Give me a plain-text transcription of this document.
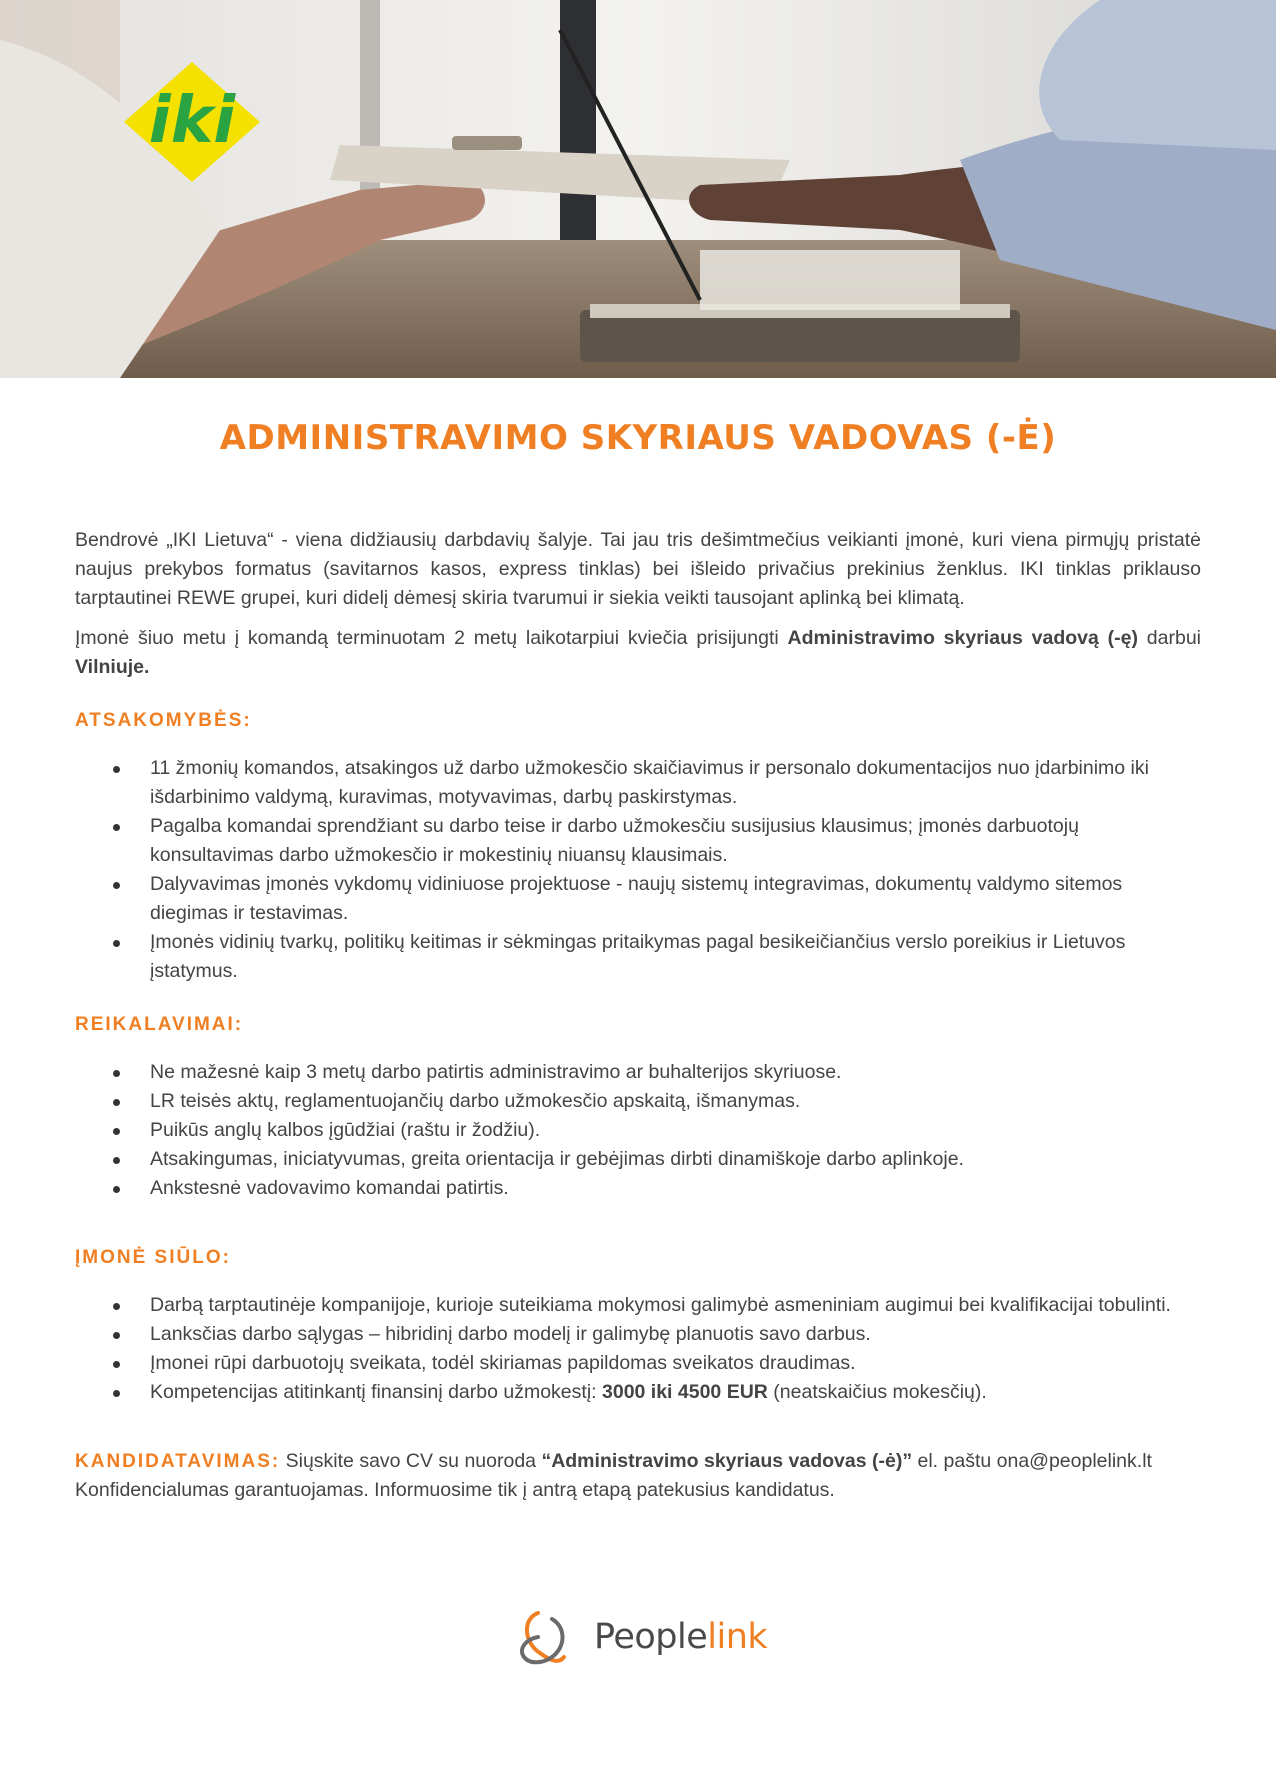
iki
ADMINISTRAVIMO SKYRIAUS VADOVAS (-Ė)

Bendrovė „IKI Lietuva“ - viena didžiausių darbdavių šalyje. Tai jau tris dešimtmečius veikianti įmonė, kuri viena pirmųjų pristatė naujus prekybos formatus (savitarnos kasos, express tinklas) bei išleido privačius prekinius ženklus. IKI tinklas priklauso tarptautinei REWE grupei, kuri didelį dėmesį skiria tvarumui ir siekia veikti tausojant aplinką bei klimatą.

Įmonė šiuo metu į komandą terminuotam 2 metų laikotarpiui kviečia prisijungti Administravimo skyriaus vadovą (-ę) darbui Vilniuje.

ATSAKOMYBĖS:
11 žmonių komandos, atsakingos už darbo užmokesčio skaičiavimus ir personalo dokumentacijos nuo įdarbinimo iki išdarbinimo valdymą, kuravimas, motyvavimas, darbų paskirstymas.
Pagalba komandai sprendžiant su darbo teise ir darbo užmokesčiu susijusius klausimus; įmonės darbuotojų konsultavimas darbo užmokesčio ir mokestinių niuansų klausimais.
Dalyvavimas įmonės vykdomų vidiniuose projektuose - naujų sistemų integravimas, dokumentų valdymo sitemos diegimas ir testavimas.
Įmonės vidinių tvarkų, politikų keitimas ir sėkmingas pritaikymas pagal besikeičiančius verslo poreikius ir Lietuvos įstatymus.
REIKALAVIMAI:
Ne mažesnė kaip 3 metų darbo patirtis administravimo ar buhalterijos skyriuose.
LR teisės aktų, reglamentuojančių darbo užmokesčio apskaitą, išmanymas.
Puikūs anglų kalbos įgūdžiai (raštu ir žodžiu).
Atsakingumas, iniciatyvumas, greita orientacija ir gebėjimas dirbti dinamiškoje darbo aplinkoje.
Ankstesnė vadovavimo komandai patirtis.
ĮMONĖ SIŪLO:
Darbą tarptautinėje kompanijoje, kurioje suteikiama mokymosi galimybė asmeniniam augimui bei kvalifikacijai tobulinti.
Lanksčias darbo sąlygas – hibridinį darbo modelį ir galimybę planuotis savo darbus.
Įmonei rūpi darbuotojų sveikata, todėl skiriamas papildomas sveikatos draudimas.
Kompetencijas atitinkantį finansinį darbo užmokestį: 3000 iki 4500 EUR (neatskaičius mokesčių).

KANDIDATAVIMAS: Siųskite savo CV su nuoroda “Administravimo skyriaus vadovas (-ė)” el. paštu ona@peoplelink.lt
Konfidencialumas garantuojamas. Informuosime tik į antrą etapą patekusius kandidatus.

Peoplelink
